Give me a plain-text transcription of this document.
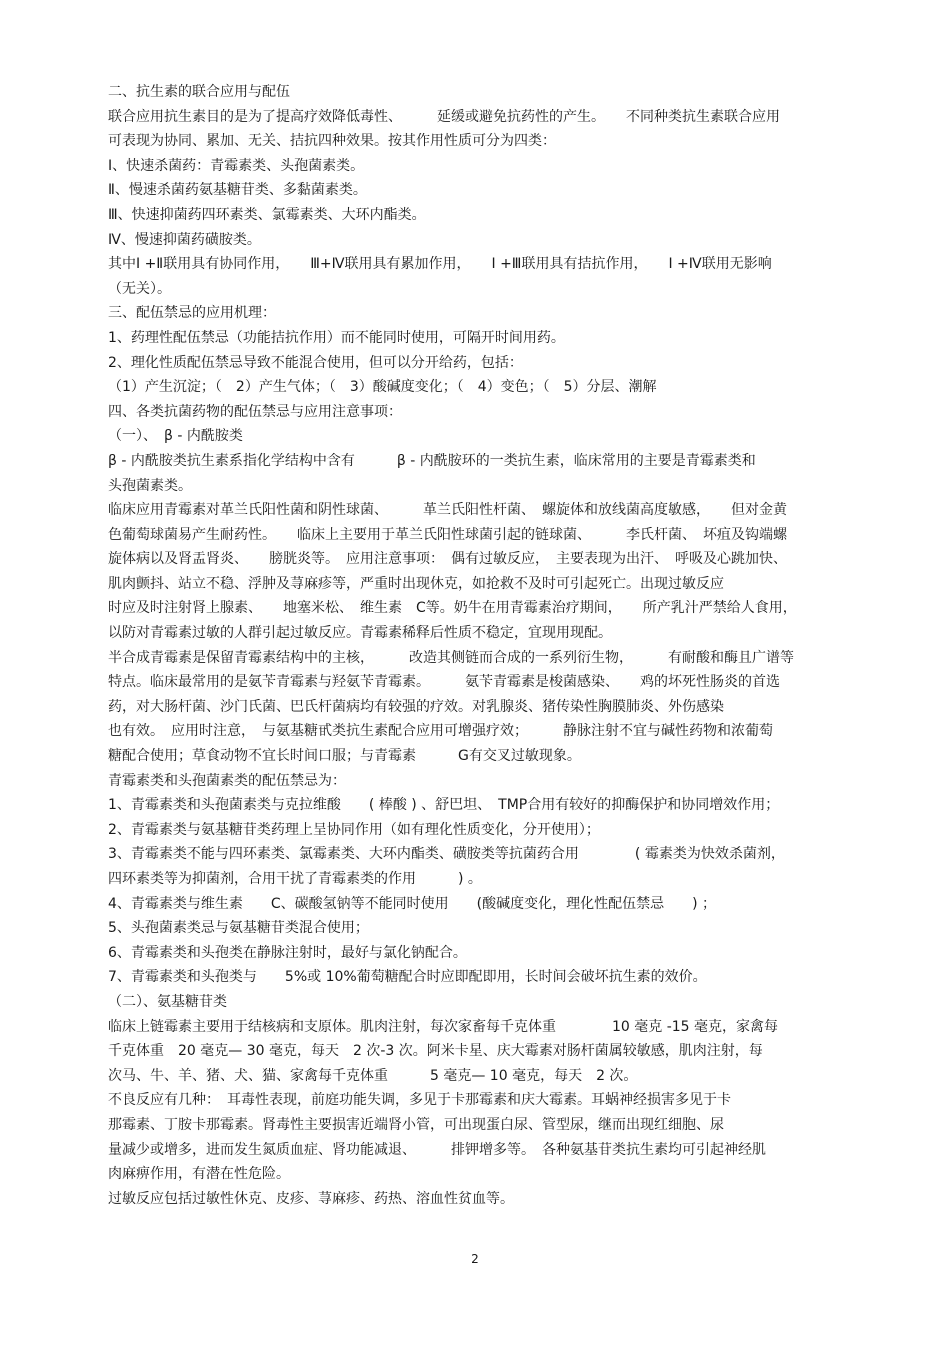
二、抗生素的联合应用与配伍
联合应用抗生素目的是为了提高疗效降低毒性、　　　延缓或避免抗药性的产生。　　不同种类抗生素联合应用
可表现为协同、累加、无关、拮抗四种效果。按其作用性质可分为四类：
Ⅰ、快速杀菌药：青霉素类、头孢菌素类。
Ⅱ、慢速杀菌药氨基糖苷类、多黏菌素类。
Ⅲ、快速抑菌药四环素类、氯霉素类、大环内酯类。
Ⅳ、慢速抑菌药磺胺类。
其中Ⅰ +Ⅱ联用具有协同作用，　　Ⅲ+Ⅳ联用具有累加作用，　　Ⅰ +Ⅲ联用具有拮抗作用，　　Ⅰ +Ⅳ联用无影响
（无关）。
三、配伍禁忌的应用机理：
1、药理性配伍禁忌（功能拮抗作用）而不能同时使用，可隔开时间用药。
2、理化性质配伍禁忌导致不能混合使用，但可以分开给药，包括：
（1）产生沉淀；（　2）产生气体；（　3）酸碱度变化；（　4）变色；（　5）分层、潮解
四、各类抗菌药物的配伍禁忌与应用注意事项：
（一）、　β - 内酰胺类
β - 内酰胺类抗生素系指化学结构中含有　　　β - 内酰胺环的一类抗生素，临床常用的主要是青霉素类和
头孢菌素类。
临床应用青霉素对革兰氏阳性菌和阴性球菌、　　　革兰氏阳性杆菌、　螺旋体和放线菌高度敏感，　　但对金黄
色葡萄球菌易产生耐药性。　　临床上主要用于革兰氏阳性球菌引起的链球菌、　　　李氏杆菌、　坏疽及钩端螺
旋体病以及肾盂肾炎、　　膀胱炎等。　应用注意事项：　偶有过敏反应，　主要表现为出汗、　呼吸及心跳加快、
肌肉颤抖、站立不稳、浮肿及荨麻疹等，严重时出现休克，如抢救不及时可引起死亡。出现过敏反应
时应及时注射肾上腺素、　　地塞米松、　维生素　C等。奶牛在用青霉素治疗期间，　　所产乳汁严禁给人食用，
以防对青霉素过敏的人群引起过敏反应。青霉素稀释后性质不稳定，宜现用现配。
半合成青霉素是保留青霉素结构中的主核，　　　改造其侧链而合成的一系列衍生物，　　　有耐酸和酶且广谱等
特点。临床最常用的是氨苄青霉素与羟氨苄青霉素。　　　氨苄青霉素是梭菌感染、　　鸡的坏死性肠炎的首选
药，对大肠杆菌、沙门氏菌、巴氏杆菌病均有较强的疗效。对乳腺炎、猪传染性胸膜肺炎、外伤感染
也有效。　应用时注意，　与氨基糖甙类抗生素配合应用可增强疗效；　　　静脉注射不宜与碱性药物和浓葡萄
糖配合使用；草食动物不宜长时间口服；与青霉素　　　G有交叉过敏现象。
青霉素类和头孢菌素类的配伍禁忌为：
1、青霉素类和头孢菌素类与克拉维酸　　( 棒酸 ) 、舒巴坦、　TMP合用有较好的抑酶保护和协同增效作用；
2、青霉素类与氨基糖苷类药理上呈协同作用（如有理化性质变化，分开使用）；
3、青霉素类不能与四环素类、氯霉素类、大环内酯类、磺胺类等抗菌药合用　　　　( 霉素类为快效杀菌剂，
四环素类等为抑菌剂，合用干扰了青霉素类的作用　　　) 。
4、青霉素类与维生素　　C、碳酸氢钠等不能同时使用　　(酸碱度变化，理化性配伍禁忌　　) ；
5、头孢菌素类忌与氨基糖苷类混合使用；
6、青霉素类和头孢类在静脉注射时，最好与氯化钠配合。
7、青霉素类和头孢类与　　5%或 10%葡萄糖配合时应即配即用，长时间会破坏抗生素的效价。
（二）、氨基糖苷类
临床上链霉素主要用于结核病和支原体。肌肉注射，每次家畜每千克体重　　　　10 毫克 -15 毫克，家禽每
千克体重　20 毫克— 30 毫克，每天　2 次-3 次。阿米卡星、庆大霉素对肠杆菌属较敏感，肌肉注射，每
次马、牛、羊、猪、犬、猫、家禽每千克体重　　　5 毫克— 10 毫克，每天　2 次。
不良反应有几种：　耳毒性表现，前庭功能失调，多见于卡那霉素和庆大霉素。耳蜗神经损害多见于卡
那霉素、丁胺卡那霉素。肾毒性主要损害近端肾小管，可出现蛋白尿、管型尿，继而出现红细胞、尿
量减少或增多，进而发生氮质血症、肾功能减退、　　　排钾增多等。　各种氨基苷类抗生素均可引起神经肌
肉麻痹作用，有潜在性危险。
过敏反应包括过敏性休克、皮疹、荨麻疹、药热、溶血性贫血等。
2
